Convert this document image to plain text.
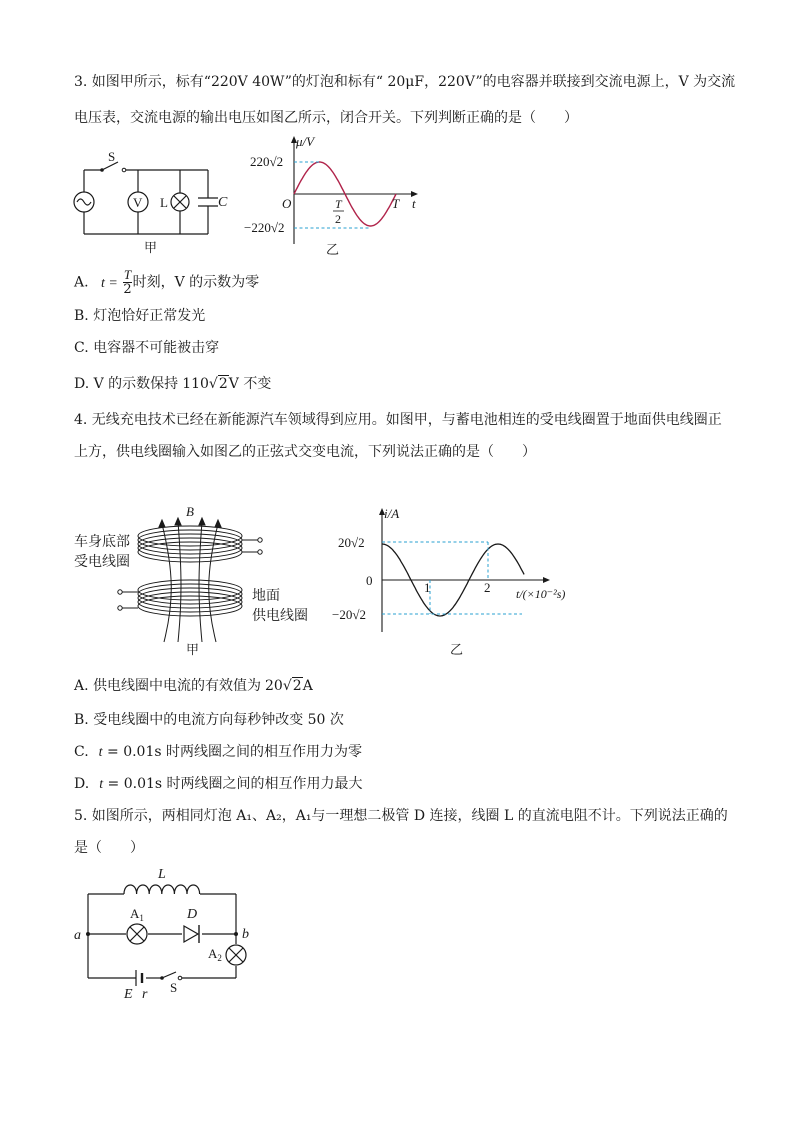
3. 如图甲所示，标有“220V 40W”的灯泡和标有“ 20μF，220V”的电容器并联接到交流电源上，V 为交流
电压表，交流电源的输出电压如图乙所示，闭合开关。下列判断正确的是（　　）
S
V L	C
甲
μ/V
220√2
−220√2
O	T
2
T t
乙
A. $t = \frac{T}{2}$ 时刻，V 的示数为零
B. 灯泡恰好正常发光
C. 电容器不可能被击穿
D. V 的示数保持 110√2V 不变
4. 无线充电技术已经在新能源汽车领域得到应用。如图甲，与蓄电池相连的受电线圈置于地面供电线圈正
上方，供电线圈输入如图乙的正弦式交变电流，下列说法正确的是（　　）
B
车身底部
受电线圈
地面
供电线圈
甲
i/A
20√2
0
−20√2
1	2 t/(×10⁻²s)
乙
A. 供电线圈中电流的有效值为 20√2A
B. 受电线圈中的电流方向每秒钟改变 50 次
C. t = 0.01s 时两线圈之间的相互作用力为零
D. t = 0.01s 时两线圈之间的相互作用力最大
5. 如图所示，两相同灯泡 A₁、A₂，A₁与一理想二极管 D 连接，线圈 L 的直流电阻不计。下列说法正确的
是（　　）
L
$A_1$	D
a	b
$A_2$
E r S
